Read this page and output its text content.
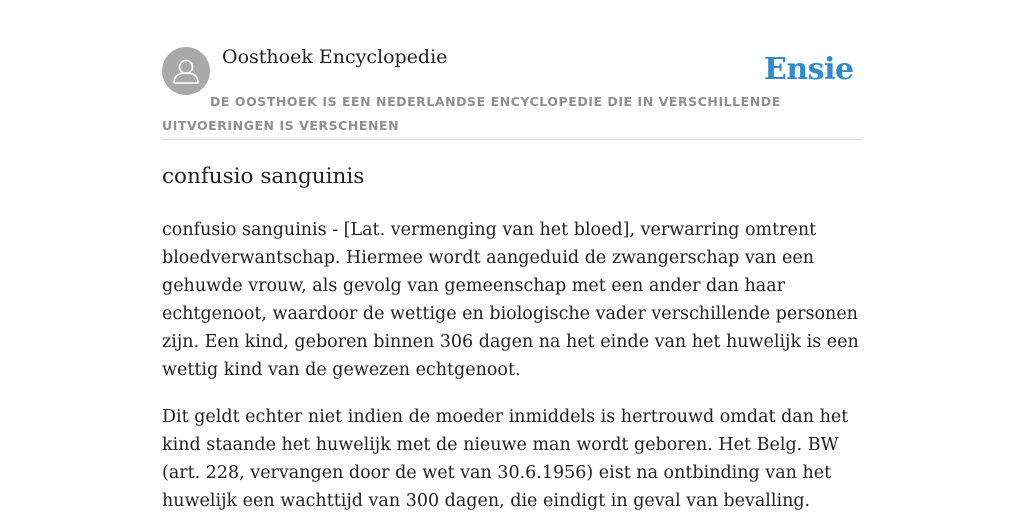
Oosthoek Encyclopedie	Ensie
DE OOSTHOEK IS EEN NEDERLANDSE ENCYCLOPEDIE DIE IN VERSCHILLENDE UITVOERINGEN IS VERSCHENEN
confusio sanguinis

confusio sanguinis - [Lat. vermenging van het bloed], verwarring omtrent bloedverwantschap. Hiermee wordt aangeduid de zwangerschap van een gehuwde vrouw, als gevolg van gemeenschap met een ander dan haar echtgenoot, waardoor de wettige en biologische vader verschillende personen zijn. Een kind, geboren binnen 306 dagen na het einde van het huwelijk is een wettig kind van de gewezen echtgenoot.

Dit geldt echter niet indien de moeder inmiddels is hertrouwd omdat dan het kind staande het huwelijk met de nieuwe man wordt geboren. Het Belg. BW (art. 228, vervangen door de wet van 30.6.1956) eist na ontbinding van het huwelijk een wachttijd van 300 dagen, die eindigt in geval van bevalling.
